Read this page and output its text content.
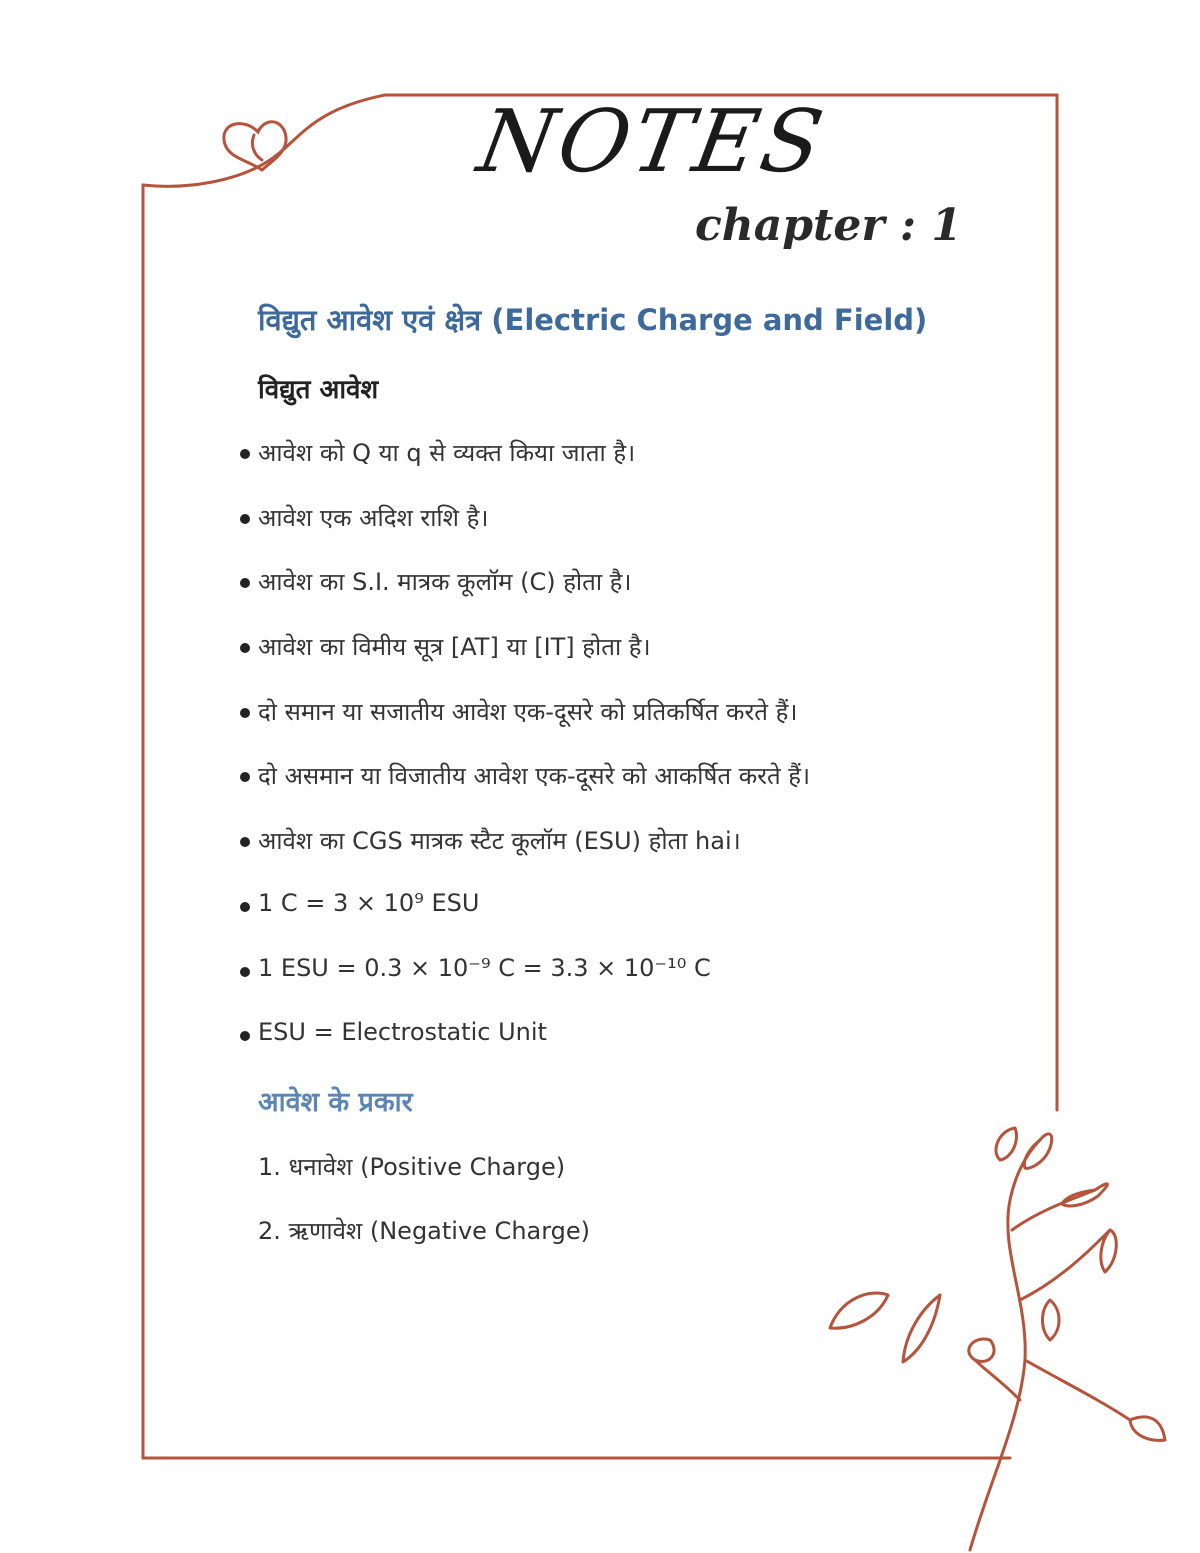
NOTES
chapter : 1
विद्युत आवेश एवं क्षेत्र (Electric Charge and Field)
विद्युत आवेश
आवेश को Q या q से व्यक्त किया जाता है।
आवेश एक अदिश राशि है।
आवेश का S.I. मात्रक कूलॉम (C) होता है।
आवेश का विमीय सूत्र [AT] या [IT] होता है।
दो समान या सजातीय आवेश एक-दूसरे को प्रतिकर्षित करते हैं।
दो असमान या विजातीय आवेश एक-दूसरे को आकर्षित करते हैं।
आवेश का CGS मात्रक स्टैट कूलॉम (ESU) होता hai।
1 C = 3 × 10⁹ ESU
1 ESU = 0.3 × 10⁻⁹ C = 3.3 × 10⁻¹⁰ C
ESU = Electrostatic Unit
आवेश के प्रकार
1. धनावेश (Positive Charge)
2. ऋणावेश (Negative Charge)
